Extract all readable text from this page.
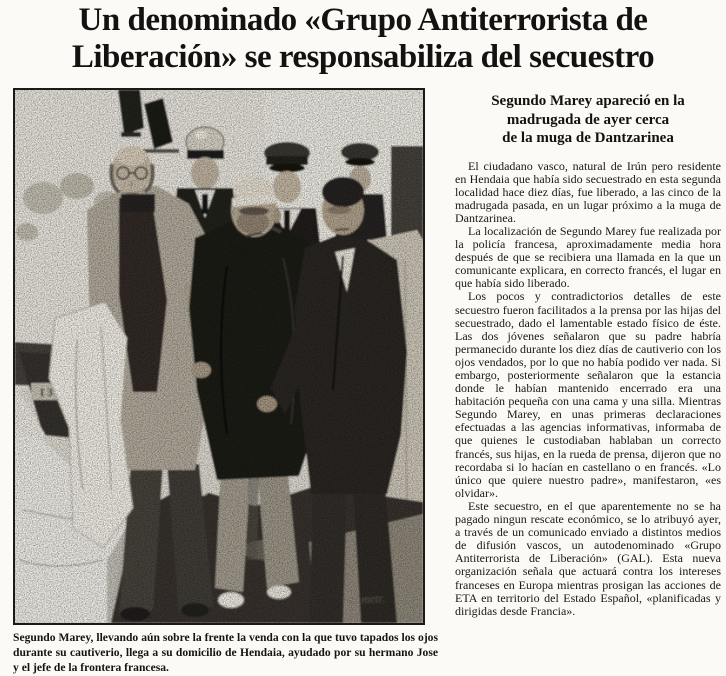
Un denominado «Grupo Antiterrorista de
Liberación» se responsabiliza del secuestro

Segundo Marey, llevando aún sobre la frente la venda con la que tuvo tapados los ojos durante su cautiverio, llega a su domicilio de Hendaia, ayudado por su hermano Jose y el jefe de la frontera francesa.

Segundo Marey apareció en la
madrugada de ayer cerca
de la muga de Dantzarinea

El ciudadano vasco, natural de Irún pero residente en Hendaia que había sido secuestrado en esta segunda localidad hace diez días, fue liberado, a las cinco de la madrugada pasada, en un lugar próximo a la muga de Dantzarinea.

La localización de Segundo Marey fue realizada por la policía francesa, aproximadamente media hora después de que se recibiera una llamada en la que un comunicante explicara, en correcto francés, el lugar en que había sido liberado.

Los pocos y contradictorios detalles de este secuestro fueron facilitados a la prensa por las hijas del secuestrado, dado el lamentable estado físico de éste. Las dos jóvenes señalaron que su padre habría permanecido durante los diez días de cautiverio con los ojos vendados, por lo que no había podido ver nada. Si embargo, posteriormente señalaron que la estancia donde le habían mantenido encerrado era una habitación pequeña con una cama y una silla. Mientras Segundo Marey, en unas primeras declaraciones efectuadas a las agencias informativas, informaba de que quienes le custodiaban hablaban un correcto francés, sus hijas, en la rueda de prensa, dijeron que no recordaba si lo hacían en castellano o en francés. «Lo único que quiere nuestro padre», manifestaron, «es olvidar».

Este secuestro, en el que aparentemente no se ha pagado ningun rescate económico, se lo atribuyó ayer, a través de un comunicado enviado a distintos medios de difusión vascos, un autodenominado «Grupo Antiterrorista de Liberación» (GAL). Esta nueva organización señala que actuará contra los intereses franceses en Europa mientras prosigan las acciones de ETA en territorio del Estado Español, «planificadas y dirigidas desde Francia».
